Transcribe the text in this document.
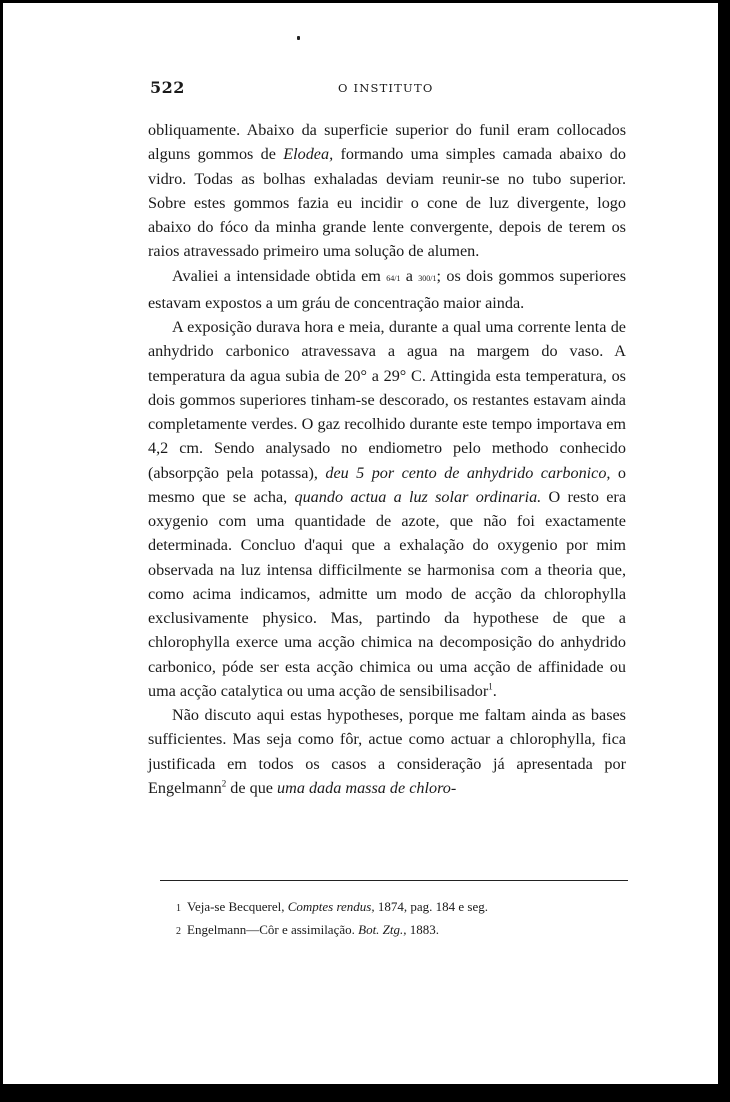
522	O INSTITUTO

obliquamente. Abaixo da superficie superior do funil eram collocados alguns gommos de Elodea, formando uma simples camada abaixo do vidro. Todas as bolhas exhaladas deviam reunir-se no tubo superior. Sobre estes gommos fazia eu incidir o cone de luz divergente, logo abaixo do fóco da minha grande lente convergente, depois de terem os raios atravessado primeiro uma solução de alumen.

Avaliei a intensidade obtida em 64/1 a 300/1; os dois gommos superiores estavam expostos a um gráu de concentração maior ainda.

A exposição durava hora e meia, durante a qual uma corrente lenta de anhydrido carbonico atravessava a agua na margem do vaso. A temperatura da agua subia de 20° a 29° C. Attingida esta temperatura, os dois gommos superiores tinham-se descorado, os restantes estavam ainda completamente verdes. O gaz recolhido durante este tempo importava em 4,2 cm. Sendo analysado no endiometro pelo methodo conhecido (absorpção pela potassa), deu 5 por cento de anhydrido carbonico, o mesmo que se acha, quando actua a luz solar ordinaria. O resto era oxygenio com uma quantidade de azote, que não foi exactamente determinada. Concluo d'aqui que a exhalação do oxygenio por mim observada na luz intensa difficilmente se harmonisa com a theoria que, como acima indicamos, admitte um modo de acção da chlorophylla exclusivamente physico. Mas, partindo da hypothese de que a chlorophylla exerce uma acção chimica na decomposição do anhydrido carbonico, póde ser esta acção chimica ou uma acção de affinidade ou uma acção catalytica ou uma acção de sensibilisador$^1$.

Não discuto aqui estas hypotheses, porque me faltam ainda as bases sufficientes. Mas seja como fôr, actue como actuar a chlorophylla, fica justificada em todos os casos a consideração já apresentada por Engelmann$^2$ de que uma dada massa de chloro-

1 Veja-se Becquerel, Comptes rendus, 1874, pag. 184 e seg.

2 Engelmann—Côr e assimilação. Bot. Ztg., 1883.
